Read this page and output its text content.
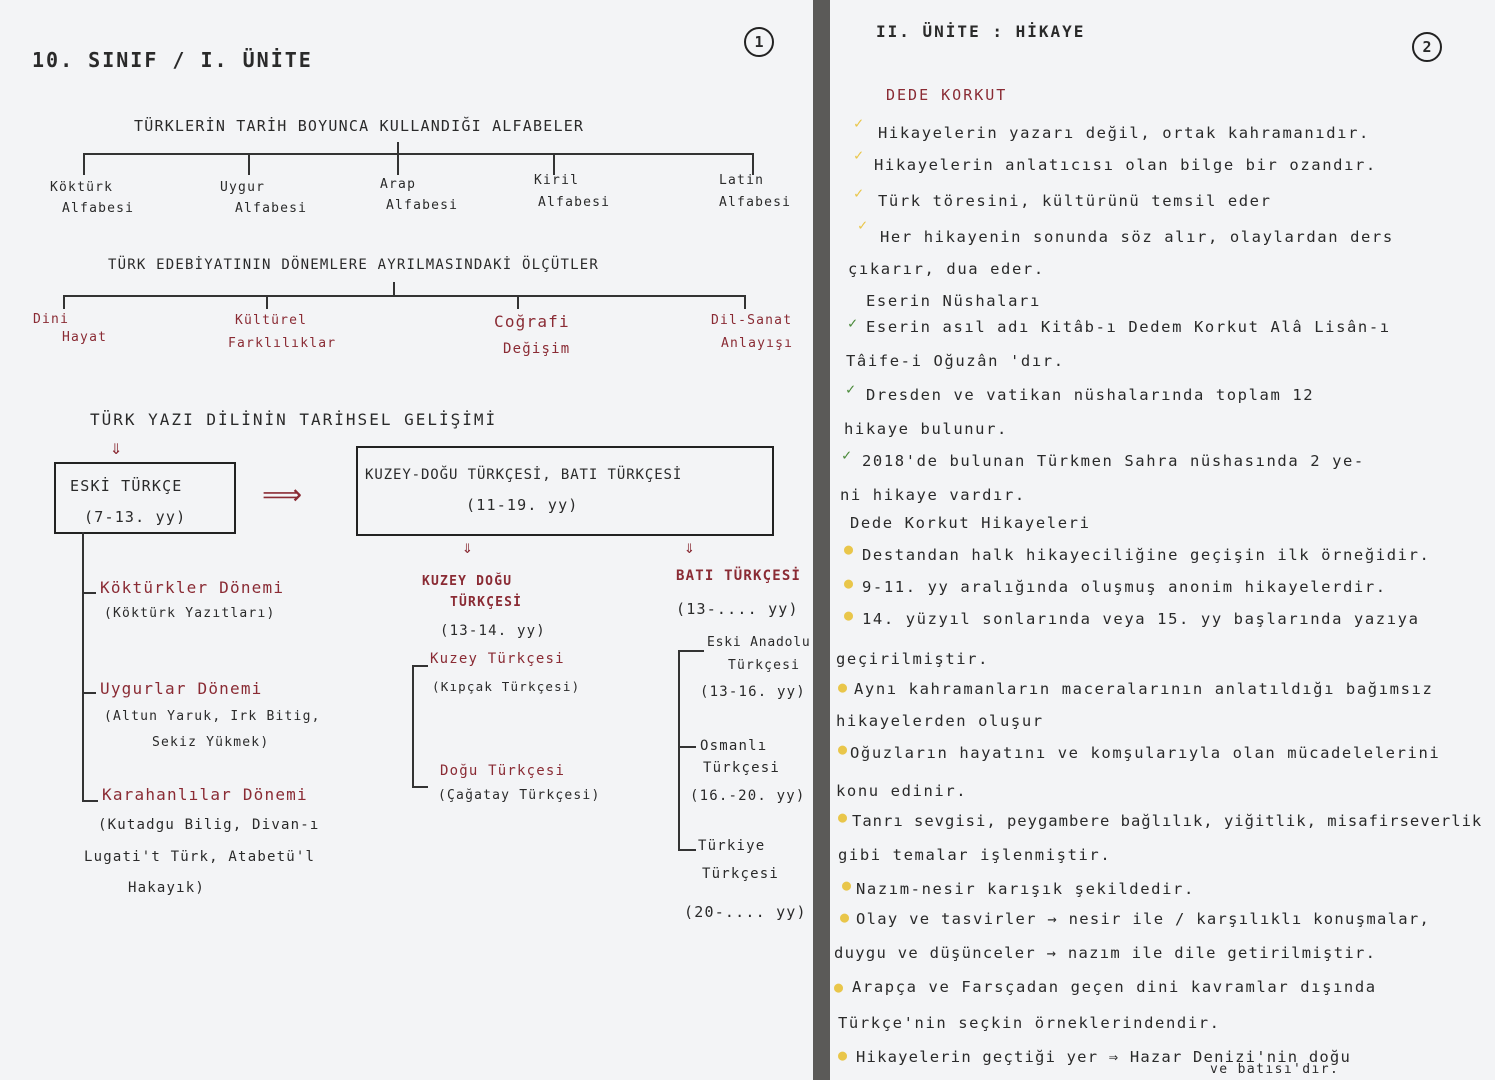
1
10. SINIF / I. ÜNİTE
TÜRKLERİN TARİH BOYUNCA KULLANDIĞI ALFABELER
Köktürk
Alfabesi
Uygur
Alfabesi
Arap
Alfabesi
Kiril
Alfabesi
Latin
Alfabesi
TÜRK EDEBİYATININ DÖNEMLERE AYRILMASINDAKİ ÖLÇÜTLER
Dini
Hayat
Kültürel
Farklılıklar
Coğrafi
Değişim
Dil-Sanat
Anlayışı
TÜRK YAZI DİLİNİN TARİHSEL GELİŞİMİ
⇓
ESKİ TÜRKÇE
(7-13. yy)
⟹
KUZEY-DOĞU TÜRKÇESİ, BATI TÜRKÇESİ
(11-19. yy)
Köktürkler Dönemi
(Köktürk Yazıtları)
Uygurlar Dönemi
(Altun Yaruk, Irk Bitig,
Sekiz Yükmek)
Karahanlılar Dönemi
(Kutadgu Bilig, Divan-ı
Lugati't Türk, Atabetü'l
Hakayık)
⇓
KUZEY DOĞU
TÜRKÇESİ
(13-14. yy)
Kuzey Türkçesi
(Kıpçak Türkçesi)
Doğu Türkçesi
(Çağatay Türkçesi)
⇓
BATI TÜRKÇESİ
(13-.... yy)
Eski Anadolu
Türkçesi
(13-16. yy)
Osmanlı
Türkçesi
(16.-20. yy)
Türkiye
Türkçesi
(20-.... yy)
II. ÜNİTE : HİKAYE
2
DEDE KORKUT
✓
Hikayelerin yazarı değil, ortak kahramanıdır.
✓
Hikayelerin anlatıcısı olan bilge bir ozandır.
✓ Türk töresini, kültürünü temsil eder
✓
Her hikayenin sonunda söz alır, olaylardan ders
çıkarır, dua eder.
Eserin Nüshaları
✓ Eserin asıl adı Kitâb-ı Dedem Korkut Alâ Lisân-ı
Tâife-i Oğuzân 'dır.
✓ Dresden ve vatikan nüshalarında toplam 12
hikaye bulunur.
✓ 2018'de bulunan Türkmen Sahra nüshasında 2 ye-
ni hikaye vardır.
Dede Korkut Hikayeleri
● Destandan halk hikayeciliğine geçişin ilk örneğidir.
● 9-11. yy aralığında oluşmuş anonim hikayelerdir.
● 14. yüzyıl sonlarında veya 15. yy başlarında yazıya
geçirilmiştir.
● Aynı kahramanların maceralarının anlatıldığı bağımsız
hikayelerden oluşur
● Oğuzların hayatını ve komşularıyla olan mücadelelerini
konu edinir.
● Tanrı sevgisi, peygambere bağlılık, yiğitlik, misafirseverlik
gibi temalar işlenmiştir.
● Nazım-nesir karışık şekildedir.
● Olay ve tasvirler → nesir ile / karşılıklı konuşmalar,
duygu ve düşünceler → nazım ile dile getirilmiştir.
● Arapça ve Farsçadan geçen dini kavramlar dışında
Türkçe'nin seçkin örneklerindendir.
● Hikayelerin geçtiği yer ⇒ Hazar Denizi'nin doğu
ve batısı'dır.
